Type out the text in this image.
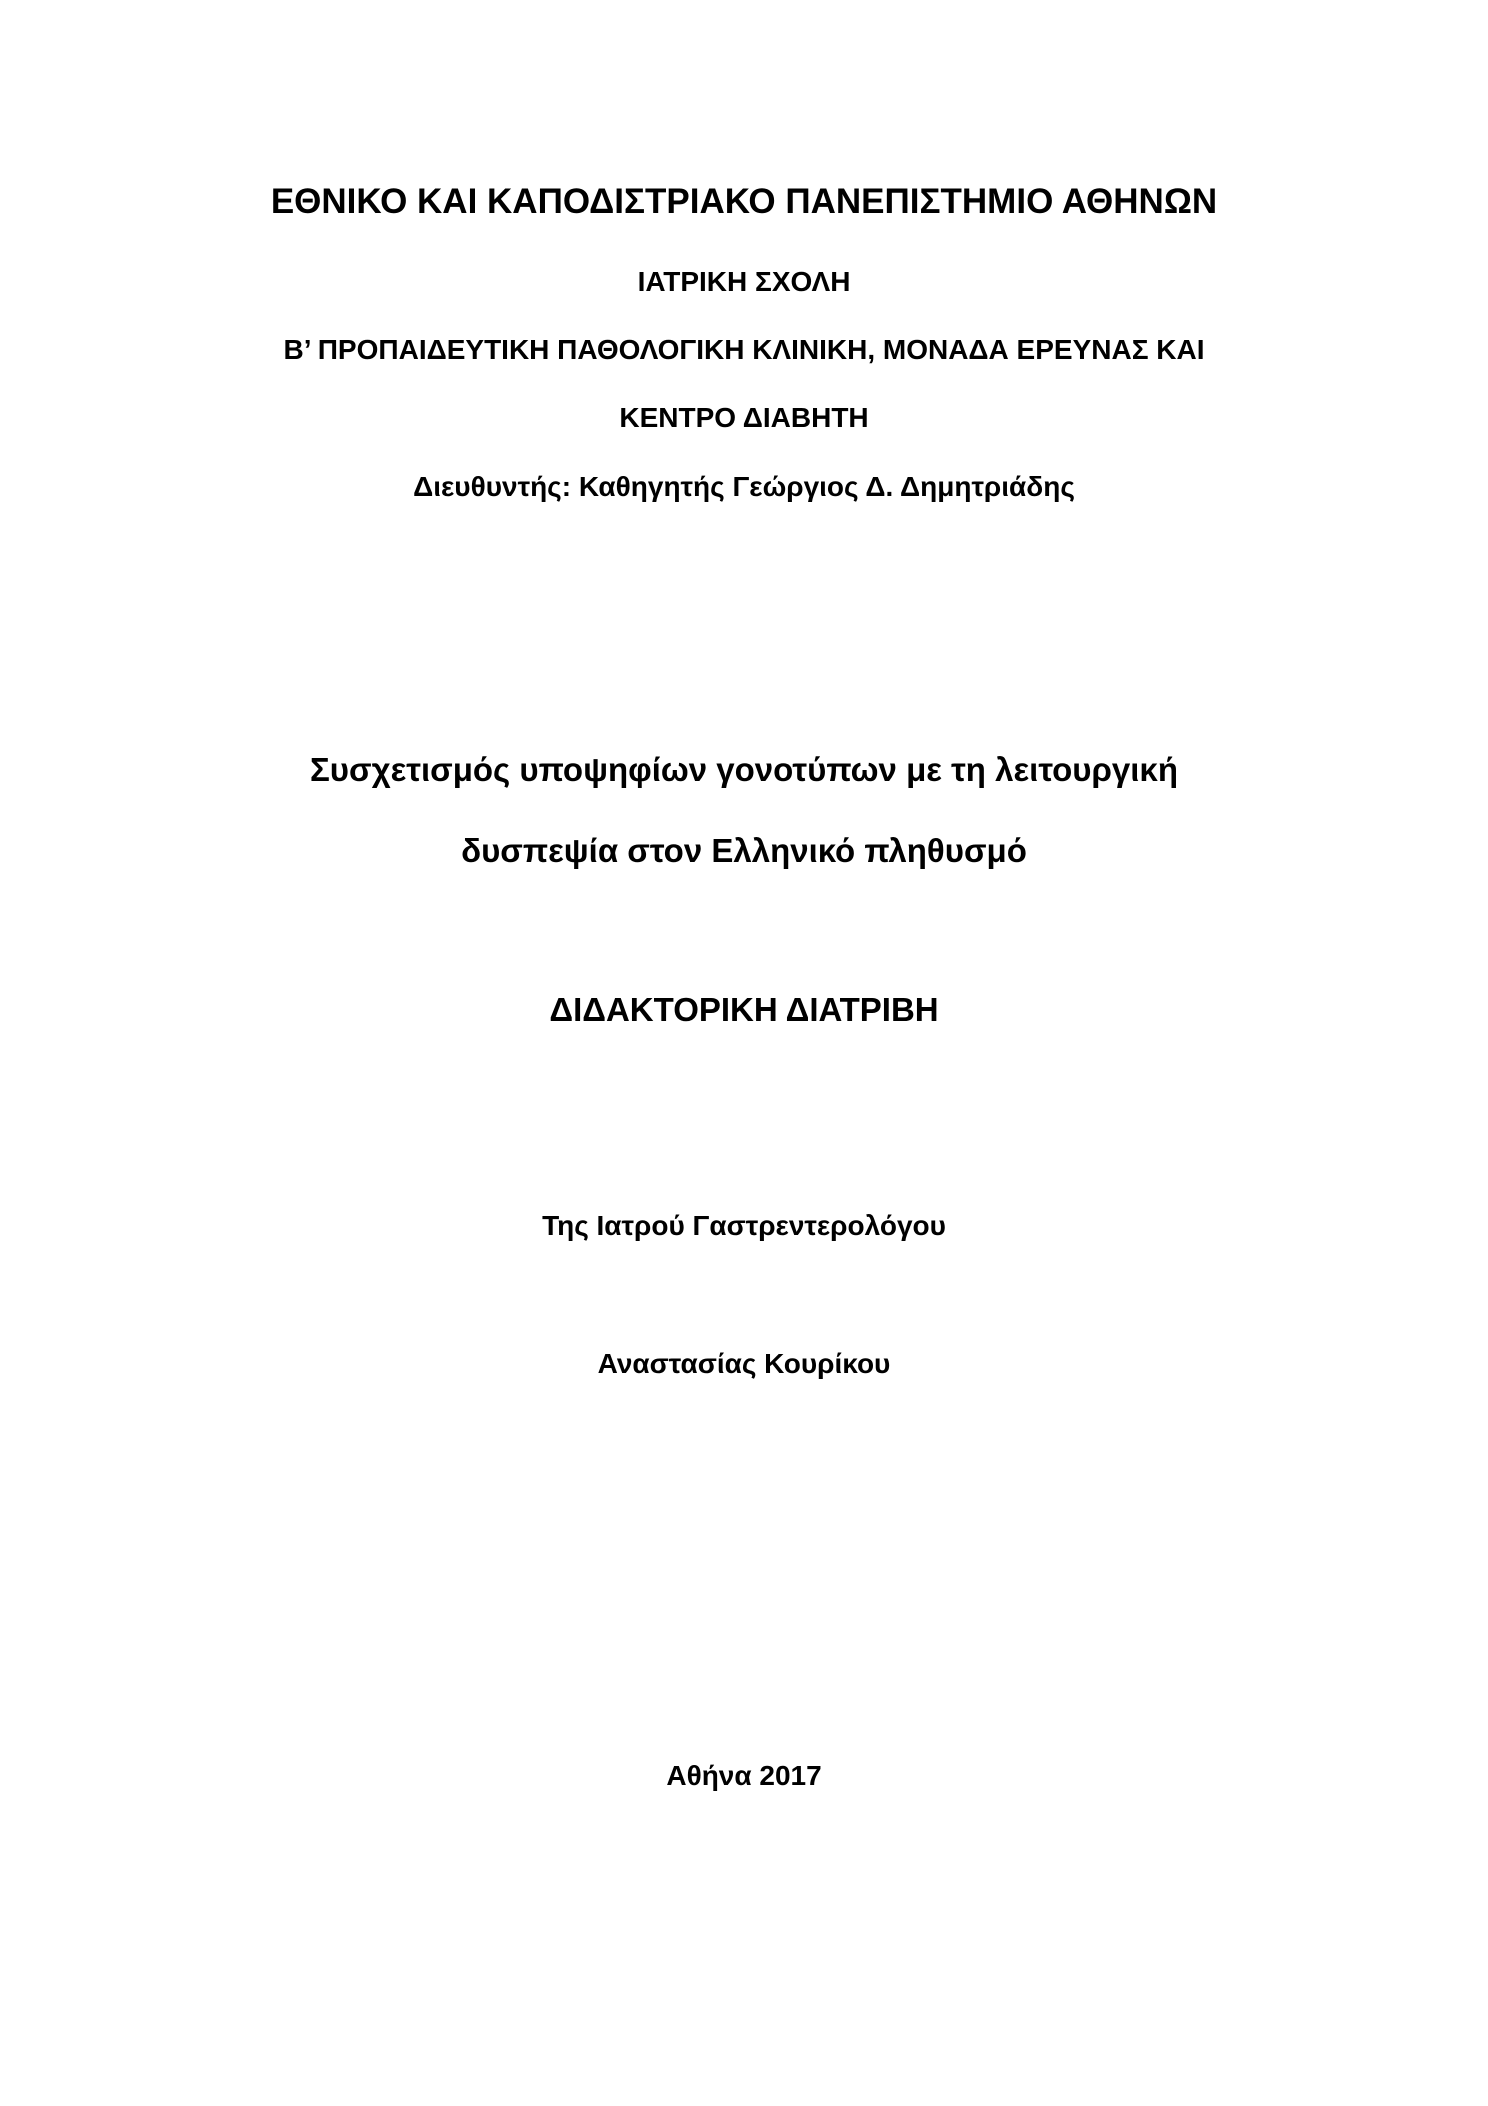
ΕΘΝΙΚΟ ΚΑΙ ΚΑΠΟΔΙΣΤΡΙΑΚΟ ΠΑΝΕΠΙΣΤΗΜΙΟ ΑΘΗΝΩΝ
ΙΑΤΡΙΚΗ ΣΧΟΛΗ
Β’ ΠΡΟΠΑΙΔΕΥΤΙΚΗ ΠΑΘΟΛΟΓΙΚΗ ΚΛΙΝΙΚΗ, ΜΟΝΑΔΑ ΕΡΕΥΝΑΣ ΚΑΙ
ΚΕΝΤΡΟ ΔΙΑΒΗΤΗ
Διευθυντής: Καθηγητής Γεώργιος Δ. Δημητριάδης
Συσχετισμός υποψηφίων γονοτύπων με τη λειτουργική
δυσπεψία στον Ελληνικό πληθυσμό
ΔΙΔΑΚΤΟΡΙΚΗ ΔΙΑΤΡΙΒΗ
Της Ιατρού Γαστρεντερολόγου
Αναστασίας Κουρίκου
Αθήνα 2017
